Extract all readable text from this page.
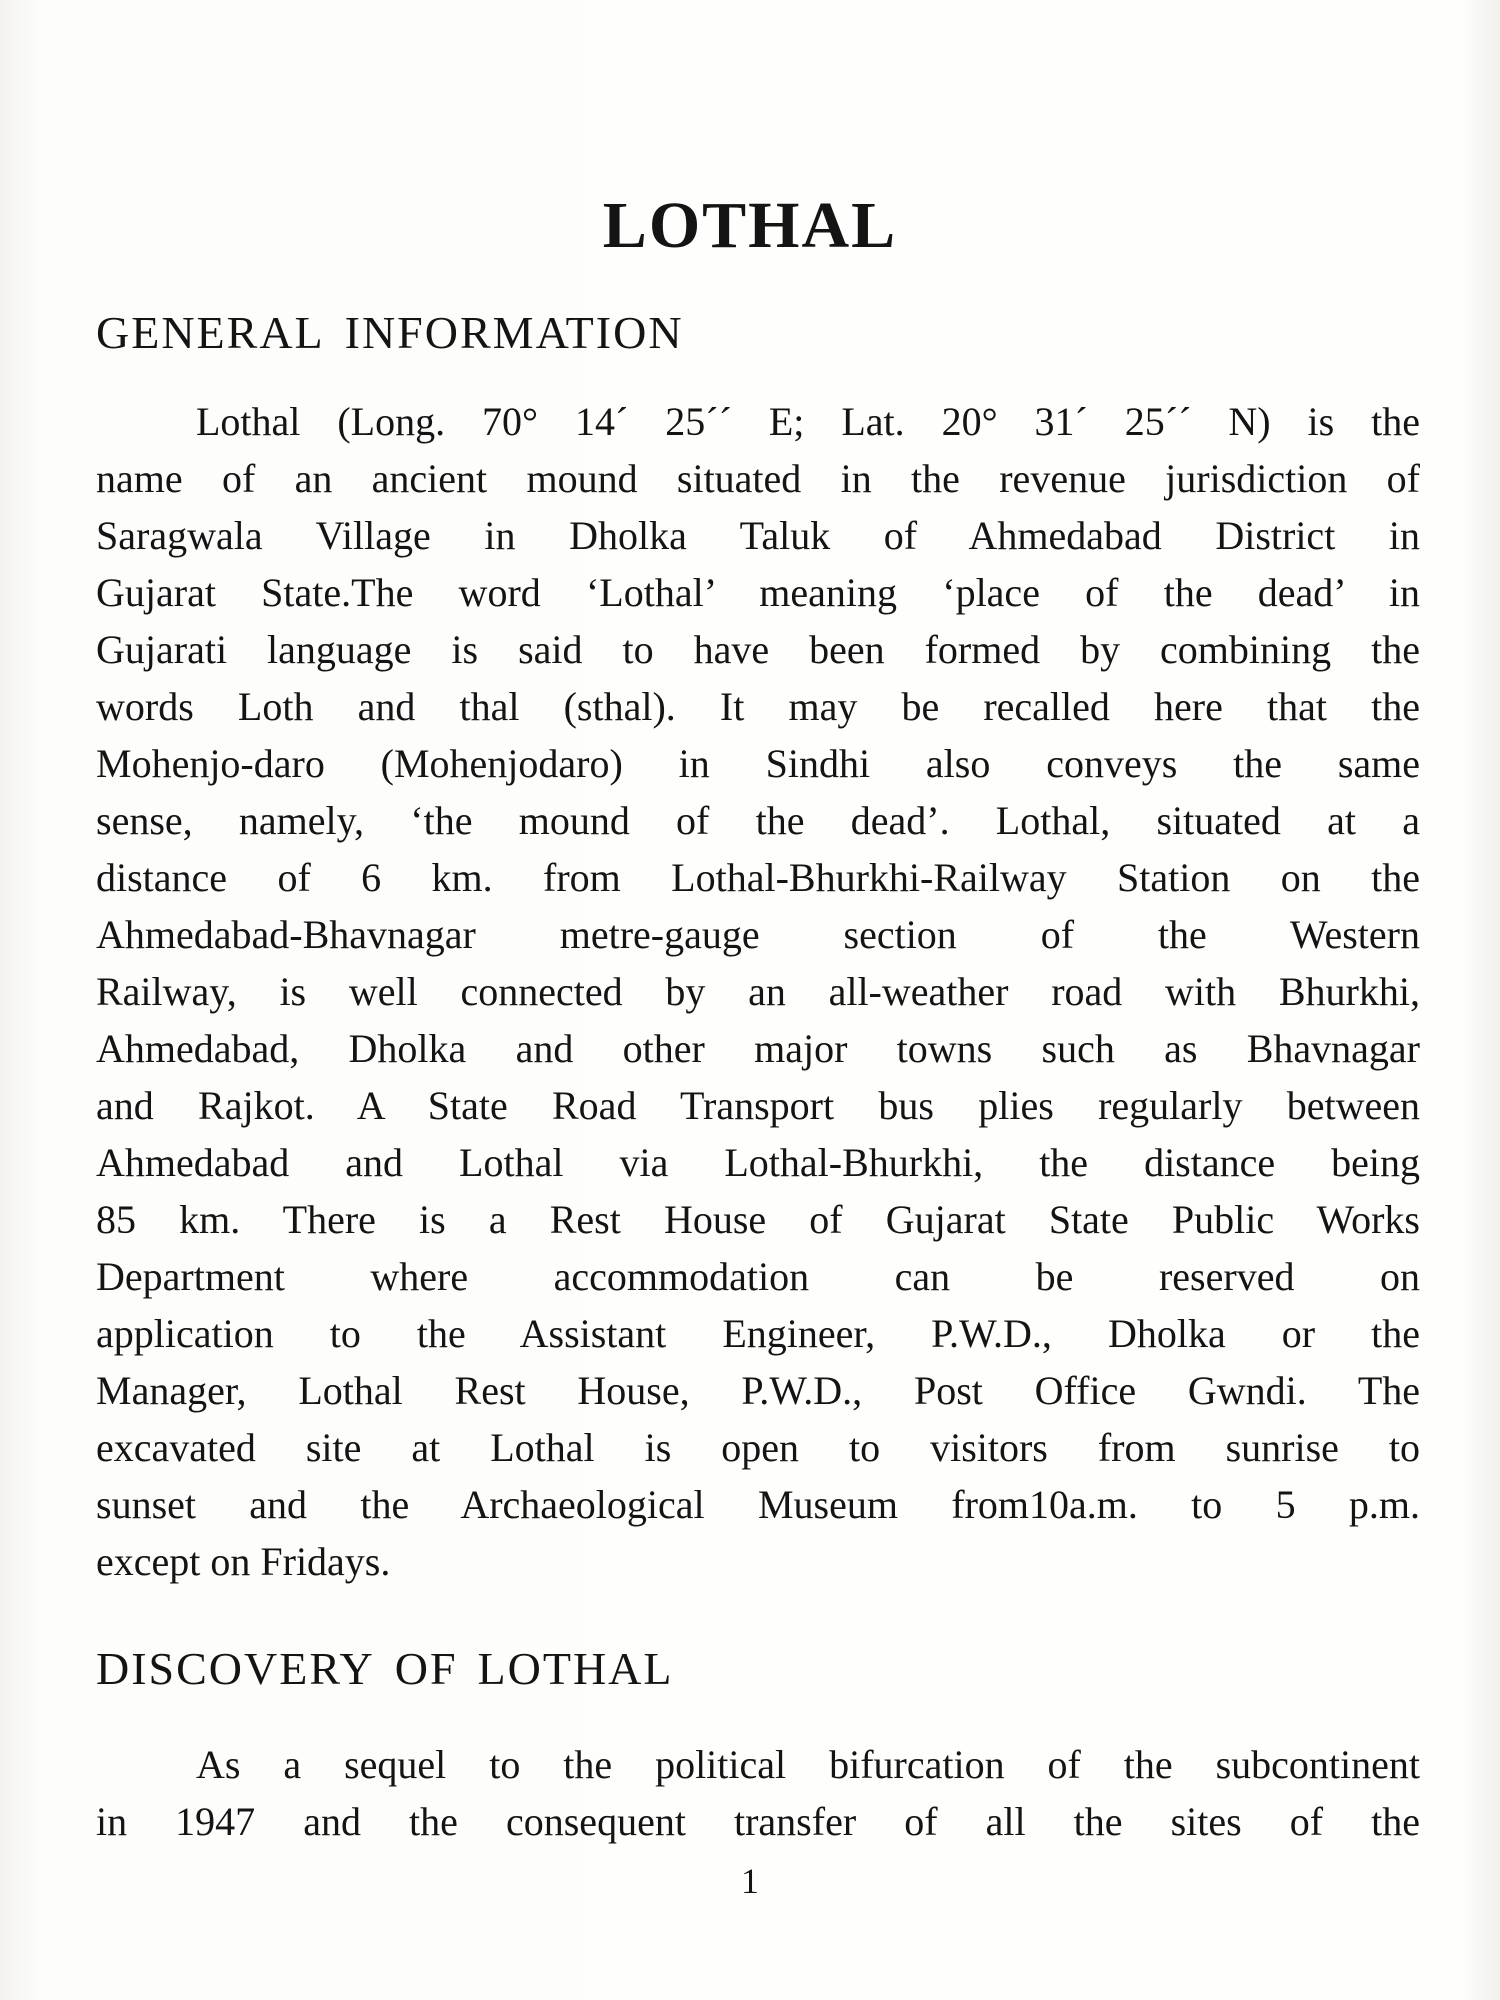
LOTHAL
GENERAL INFORMATION
Lothal (Long. 70° 14´ 25´´ E; Lat. 20° 31´ 25´´ N) is the
name of an ancient mound situated in the revenue jurisdiction of
Saragwala Village in Dholka Taluk of Ahmedabad District in
Gujarat State.The word ‘Lothal’ meaning ‘place of the dead’ in
Gujarati language is said to have been formed by combining the
words Loth and thal (sthal). It may be recalled here that the
Mohenjo-daro (Mohenjodaro) in Sindhi also conveys the same
sense, namely, ‘the mound of the dead’. Lothal, situated at a
distance of 6 km. from Lothal-Bhurkhi-Railway Station on the
Ahmedabad-Bhavnagar metre-gauge section of the Western
Railway, is well connected by an all-weather road with Bhurkhi,
Ahmedabad, Dholka and other major towns such as Bhavnagar
and Rajkot. A State Road Transport bus plies regularly between
Ahmedabad and Lothal via Lothal-Bhurkhi, the distance being
85 km. There is a Rest House of Gujarat State Public Works
Department where accommodation can be reserved on
application to the Assistant Engineer, P.W.D., Dholka or the
Manager, Lothal Rest House, P.W.D., Post Office Gwndi. The
excavated site at Lothal is open to visitors from sunrise to
sunset and the Archaeological Museum from10a.m. to 5 p.m.
except on Fridays.
DISCOVERY OF LOTHAL
As a sequel to the political bifurcation of the subcontinent
in 1947 and the consequent transfer of all the sites of the
1
